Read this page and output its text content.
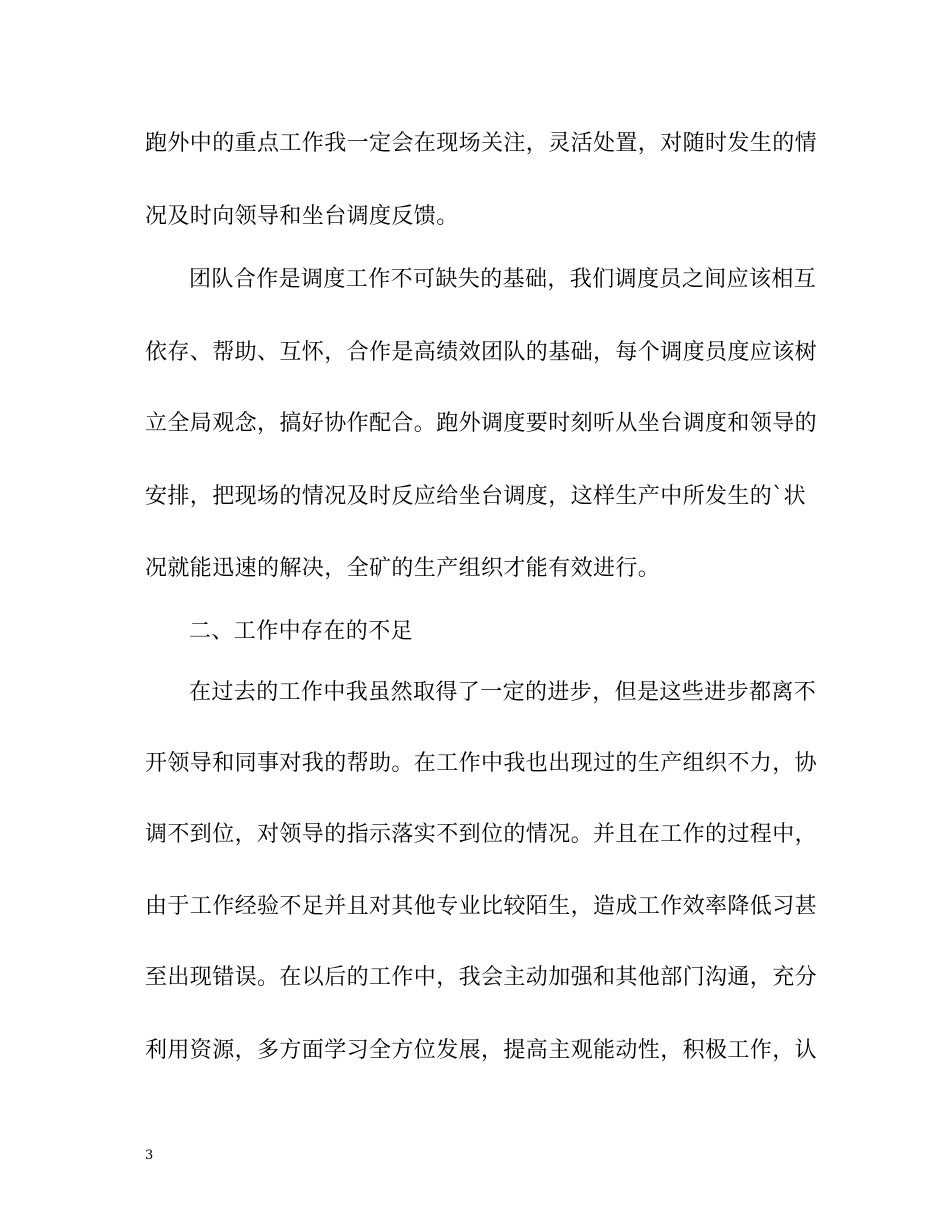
跑外中的重点工作我一定会在现场关注，灵活处置，对随时发生的情
况及时向领导和坐台调度反馈。
团队合作是调度工作不可缺失的基础，我们调度员之间应该相互
依存、帮助、互怀，合作是高绩效团队的基础，每个调度员度应该树
立全局观念，搞好协作配合。跑外调度要时刻听从坐台调度和领导的
安排，把现场的情况及时反应给坐台调度，这样生产中所发生的`状
况就能迅速的解决，全矿的生产组织才能有效进行。
二、工作中存在的不足
在过去的工作中我虽然取得了一定的进步，但是这些进步都离不
开领导和同事对我的帮助。在工作中我也出现过的生产组织不力，协
调不到位，对领导的指示落实不到位的情况。并且在工作的过程中，
由于工作经验不足并且对其他专业比较陌生，造成工作效率降低习甚
至出现错误。在以后的工作中，我会主动加强和其他部门沟通，充分
利用资源，多方面学习全方位发展，提高主观能动性，积极工作，认
3
